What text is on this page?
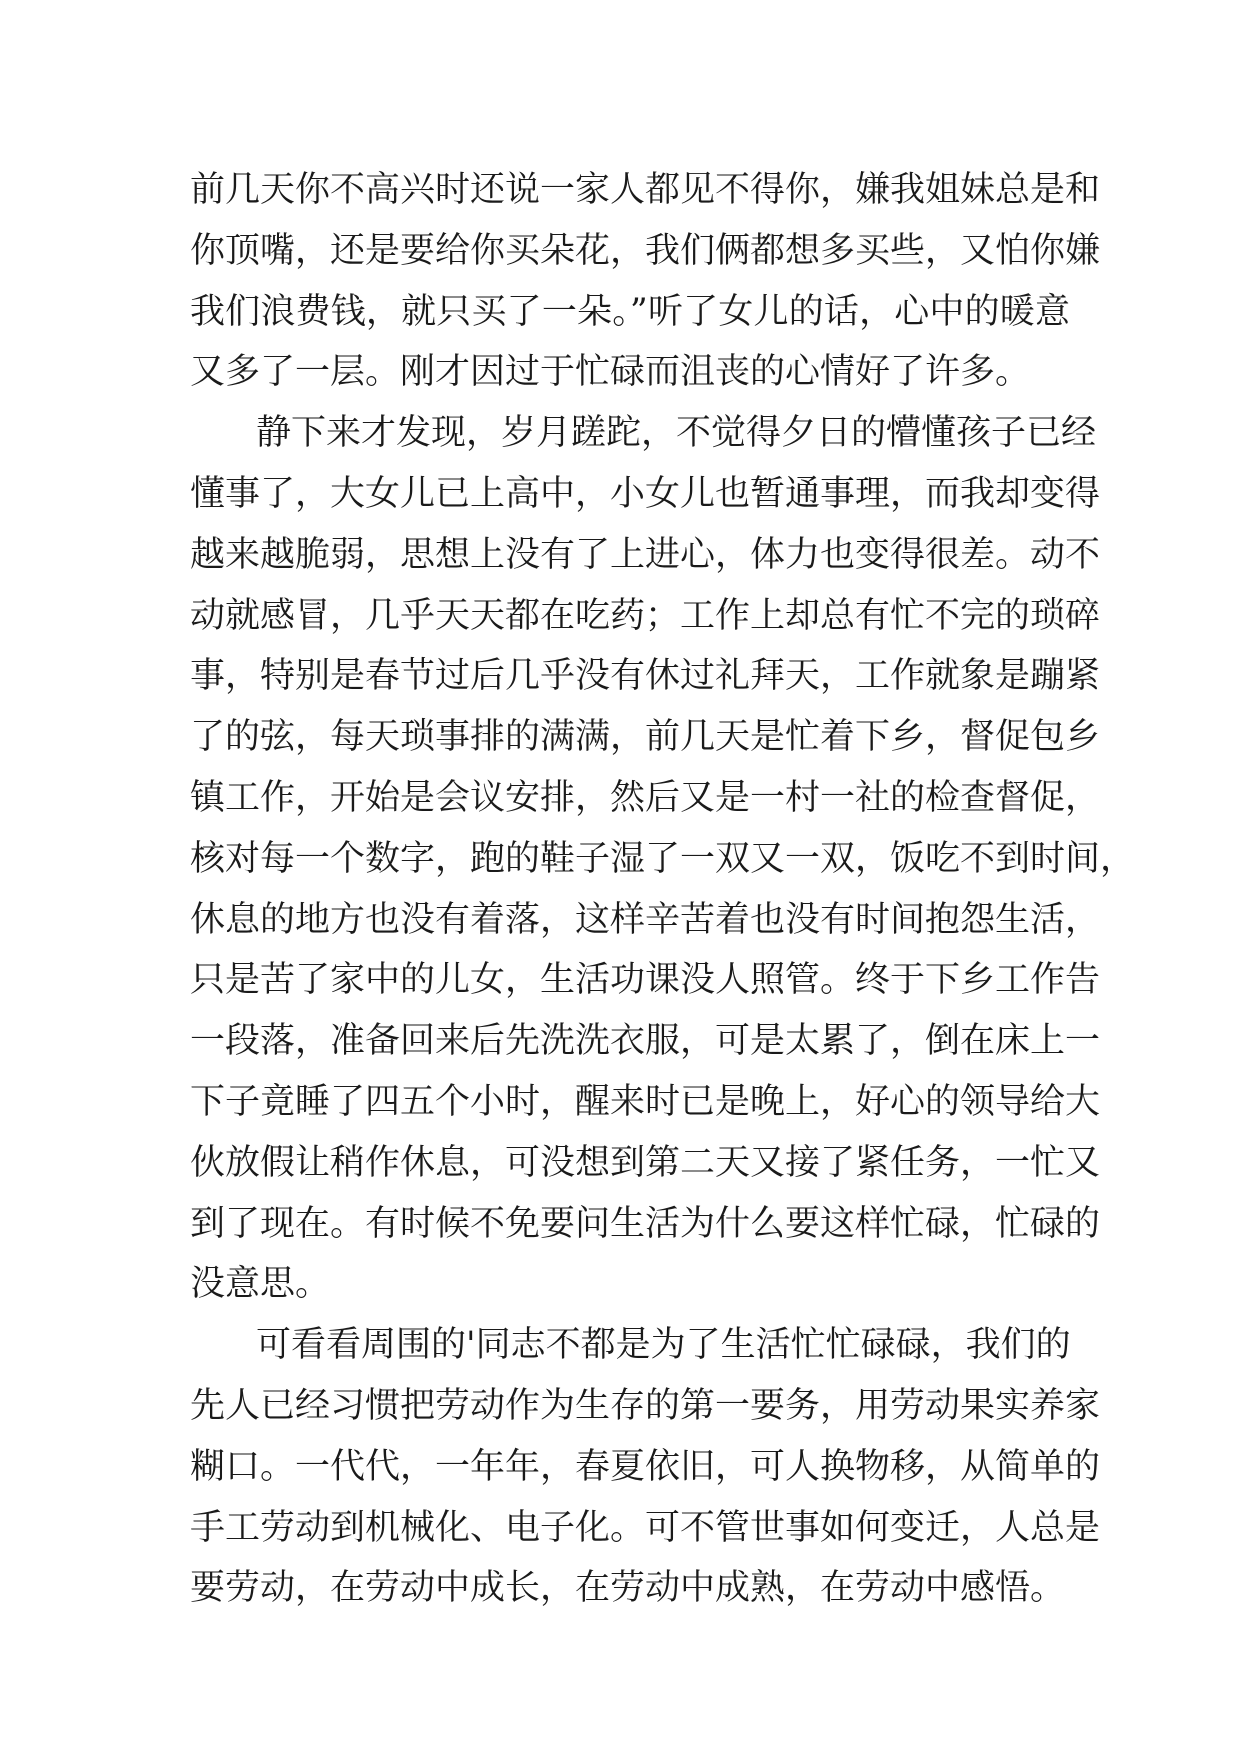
前几天你不高兴时还说一家人都见不得你，嫌我姐妹总是和
你顶嘴，还是要给你买朵花，我们俩都想多买些，又怕你嫌
我们浪费钱，就只买了一朵。”听了女儿的话，心中的暖意
又多了一层。刚才因过于忙碌而沮丧的心情好了许多。
静下来才发现，岁月蹉跎，不觉得夕日的懵懂孩子已经
懂事了，大女儿已上高中，小女儿也暂通事理，而我却变得
越来越脆弱，思想上没有了上进心，体力也变得很差。动不
动就感冒，几乎天天都在吃药；工作上却总有忙不完的琐碎
事，特别是春节过后几乎没有休过礼拜天，工作就象是蹦紧
了的弦，每天琐事排的满满，前几天是忙着下乡，督促包乡
镇工作，开始是会议安排，然后又是一村一社的检查督促，
核对每一个数字，跑的鞋子湿了一双又一双，饭吃不到时间，
休息的地方也没有着落，这样辛苦着也没有时间抱怨生活，
只是苦了家中的儿女，生活功课没人照管。终于下乡工作告
一段落，准备回来后先洗洗衣服，可是太累了，倒在床上一
下子竟睡了四五个小时，醒来时已是晚上，好心的领导给大
伙放假让稍作休息，可没想到第二天又接了紧任务，一忙又
到了现在。有时候不免要问生活为什么要这样忙碌，忙碌的
没意思。
可看看周围的'同志不都是为了生活忙忙碌碌，我们的
先人已经习惯把劳动作为生存的第一要务，用劳动果实养家
糊口。一代代，一年年，春夏依旧，可人换物移，从简单的
手工劳动到机械化、电子化。可不管世事如何变迁，人总是
要劳动，在劳动中成长，在劳动中成熟，在劳动中感悟。
